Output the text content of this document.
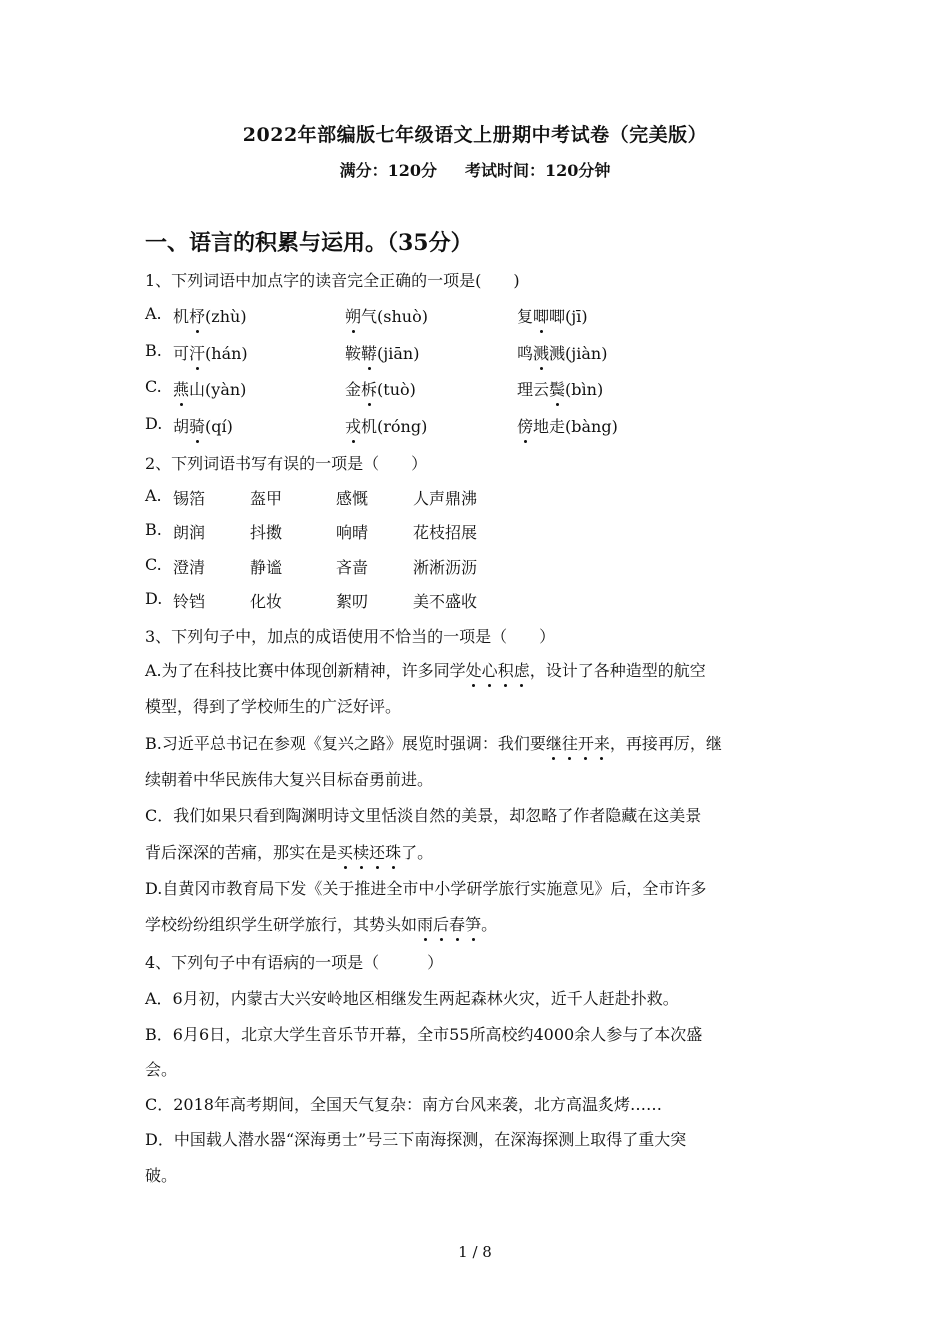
2022年部编版七年级语文上册期中考试卷（完美版）
满分：120分 考试时间：120分钟
一、语言的积累与运用。（35分）
1、下列词语中加点字的读音完全正确的一项是(　　)
A. 机杼(zhù)	朔气(shuò)	复唧唧(jī)
B. 可汗(hán)	鞍鞯(jiān)	鸣溅溅(jiàn)
C. 燕山(yàn)	金柝(tuò)	理云鬓(bìn)
D. 胡骑(qí)	戎机(róng)	傍地走(bàng)
2、下列词语书写有误的一项是（　　）
A. 锡箔	盔甲	感慨	人声鼎沸
B. 朗润	抖擞	响晴	花枝招展
C. 澄清	静谧	吝啬	淅淅沥沥
D. 铃铛	化妆	絮叨	美不盛收
3、下列句子中，加点的成语使用不恰当的一项是（　　）
A.为了在科技比赛中体现创新精神，许多同学处心积虑，设计了各种造型的航空
模型，得到了学校师生的广泛好评。
B.习近平总书记在参观《复兴之路》展览时强调：我们要继往开来，再接再厉，继
续朝着中华民族伟大复兴目标奋勇前进。
C．我们如果只看到陶渊明诗文里恬淡自然的美景，却忽略了作者隐藏在这美景
背后深深的苦痛，那实在是买椟还珠了。
D.自黄冈市教育局下发《关于推进全市中小学研学旅行实施意见》后，全市许多
学校纷纷组织学生研学旅行，其势头如雨后春笋。
4、下列句子中有语病的一项是（　　　）
A．6月初，内蒙古大兴安岭地区相继发生两起森林火灾，近千人赶赴扑救。
B．6月6日，北京大学生音乐节开幕，全市55所高校约4000余人参与了本次盛
会。
C．2018年高考期间，全国天气复杂：南方台风来袭，北方高温炙烤……
D．中国载人潜水器“深海勇士”号三下南海探测，在深海探测上取得了重大突
破。
1 / 8
